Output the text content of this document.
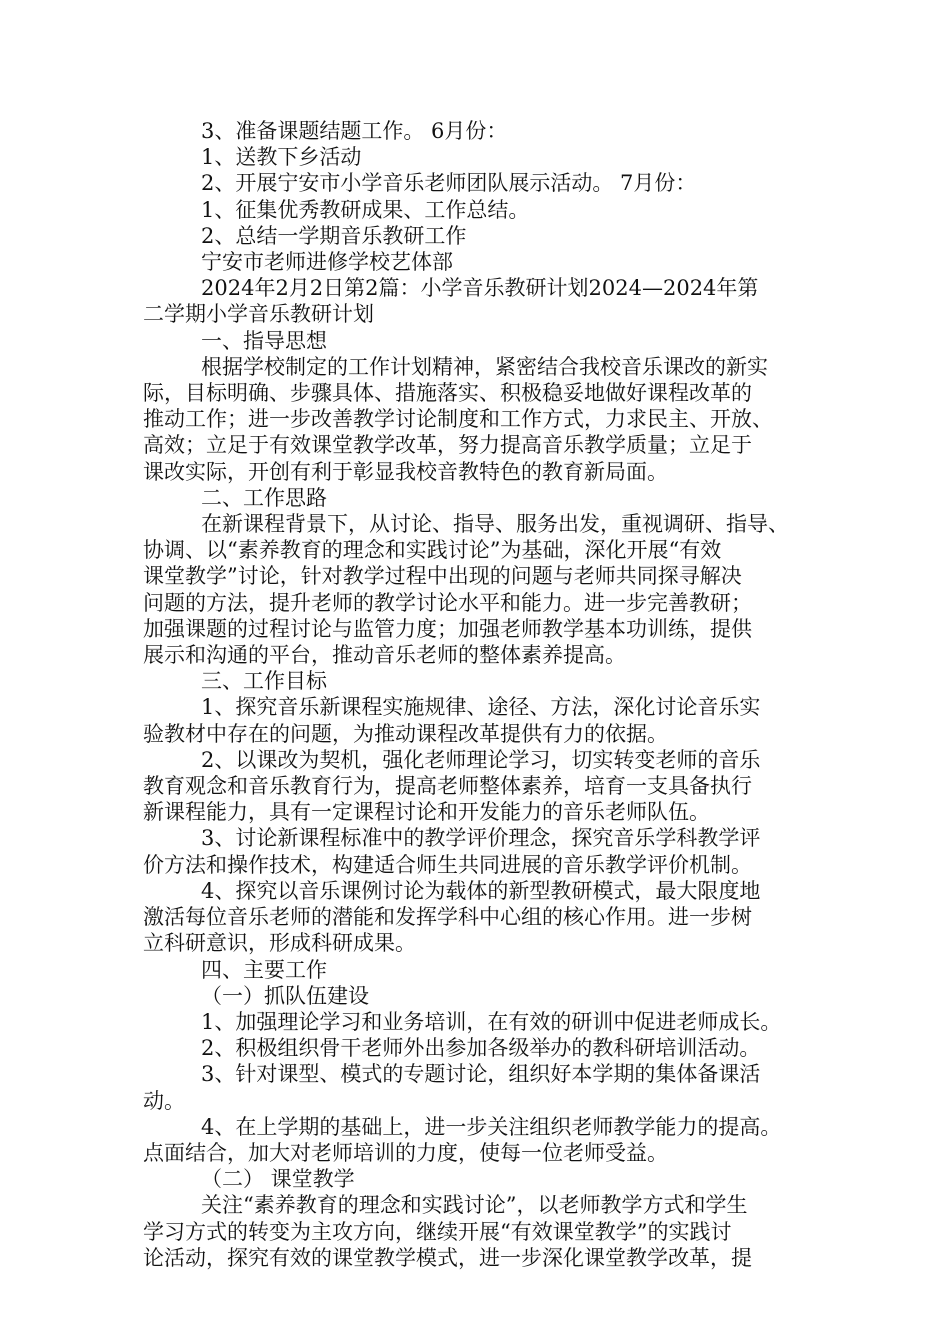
3、准备课题结题工作。 6月份：

1、送教下乡活动

2、开展宁安市小学音乐老师团队展示活动。 7月份：

1、征集优秀教研成果、工作总结。

2、总结一学期音乐教研工作

宁安市老师进修学校艺体部

2024年2月2日第2篇：小学音乐教研计划2024—2024年第

二学期小学音乐教研计划

一、指导思想

根据学校制定的工作计划精神，紧密结合我校音乐课改的新实

际，目标明确、步骤具体、措施落实、积极稳妥地做好课程改革的

推动工作；进一步改善教学讨论制度和工作方式，力求民主、开放、

高效；立足于有效课堂教学改革，努力提高音乐教学质量；立足于

课改实际，开创有利于彰显我校音教特色的教育新局面。

二、工作思路

在新课程背景下，从讨论、指导、服务出发，重视调研、指导、

协调、以“素养教育的理念和实践讨论”为基础，深化开展“有效

课堂教学”讨论，针对教学过程中出现的问题与老师共同探寻解决

问题的方法，提升老师的教学讨论水平和能力。进一步完善教研；

加强课题的过程讨论与监管力度；加强老师教学基本功训练，提供

展示和沟通的平台，推动音乐老师的整体素养提高。

三、工作目标

1、探究音乐新课程实施规律、途径、方法，深化讨论音乐实

验教材中存在的问题，为推动课程改革提供有力的依据。

2、以课改为契机，强化老师理论学习，切实转变老师的音乐

教育观念和音乐教育行为，提高老师整体素养，培育一支具备执行

新课程能力，具有一定课程讨论和开发能力的音乐老师队伍。

3、讨论新课程标准中的教学评价理念，探究音乐学科教学评

价方法和操作技术，构建适合师生共同进展的音乐教学评价机制。

4、探究以音乐课例讨论为载体的新型教研模式，最大限度地

激活每位音乐老师的潜能和发挥学科中心组的核心作用。进一步树

立科研意识，形成科研成果。

四、主要工作

（一）抓队伍建设

1、加强理论学习和业务培训，在有效的研训中促进老师成长。

2、积极组织骨干老师外出参加各级举办的教科研培训活动。

3、针对课型、模式的专题讨论，组织好本学期的集体备课活

动。

4、在上学期的基础上，进一步关注组织老师教学能力的提高。

点面结合，加大对老师培训的力度，使每一位老师受益。

（二） 课堂教学

关注“素养教育的理念和实践讨论”，以老师教学方式和学生

学习方式的转变为主攻方向，继续开展“有效课堂教学”的实践讨

论活动，探究有效的课堂教学模式，进一步深化课堂教学改革，提
